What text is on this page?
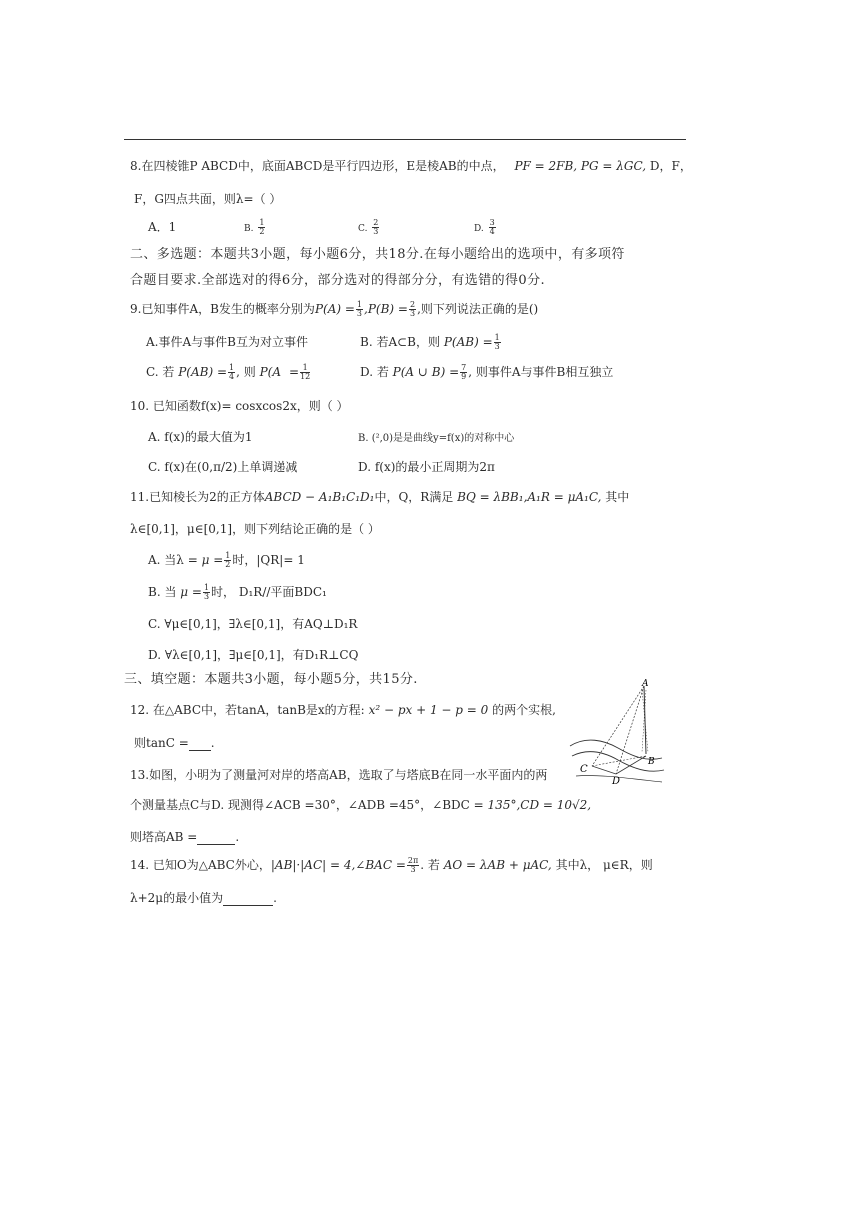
8.在四棱锥P ABCD中，底面ABCD是平行四边形，E是棱AB的中点， PF = 2FB, PG = λGC, D，F，
F，G四点共面，则λ=（ ）
A．1	B. $\frac{1}{2}$	C. $\frac{2}{3}$	D. $\frac{3}{4}$
二、多选题：本题共3小题，每小题6分，共18分.在每小题给出的选项中，有多项符
合题目要求.全部选对的得6分，部分选对的得部分分，有选错的得0分.
9.已知事件A，B发生的概率分别为$P(A) = \frac{1}{3} ,P(B) = \frac{2}{3}$ ,则下列说法正确的是()
A.事件A与事件B互为对立事件	B. 若A⊂B，则 $P(AB) = \frac{1}{3}$
C. 若 $P(AB) = \frac{1}{4}$ , 则 $P(A = \frac{1}{12}$	D. 若 P(A ∪ $B) = \frac{7}{9}$ , 则事件A与事件B相互独立
10. 已知函数f(x)= cosxcos2x，则（ ）
A. f(x)的最大值为1	B. (²,0)是是曲线y=f(x)的对称中心
C. f(x)在(0,π/2)上单调递减	D. f(x)的最小正周期为2π
11.已知棱长为2的正方体ABCD − A₁B₁C₁D₁中，Q，R满足 BQ = λBB₁,A₁R = μA₁C, 其中
λ∈[0,1]，μ∈[0,1]，则下列结论正确的是（ ）
A. 当$\lambda = \mu = \frac{1}{2}$ 时，|QR|= 1
B. 当 $\mu = \frac{1}{3}$ 时， D₁R//平面BDC₁
C. ∀μ∈[0,1]，∃λ∈[0,1]，有AQ⊥D₁R
D. ∀λ∈[0,1]，∃μ∈[0,1]，有D₁R⊥CQ
三、填空题：本题共3小题，每小题5分，共15分.
12. 在△ABC中，若tanA，tanB是x的方程: x² − px + 1 − p = 0 的两个实根,
则tanC = .
13.如图，小明为了测量河对岸的塔高AB，选取了与塔底B在同一水平面内的两
个测量基点C与D. 现测得∠ACB =30°，∠ADB =45°，∠BDC = 135°,CD = 10√2,
则塔高AB =	.
A
B
C
D
14. 已知O为△ABC外心，|AB|·|AC| = 4,∠BAC = $\frac{2\pi}{3}$ . 若 AO = λAB + μAC, 其中λ， μ∈R，则
λ+2μ的最小值为	.
